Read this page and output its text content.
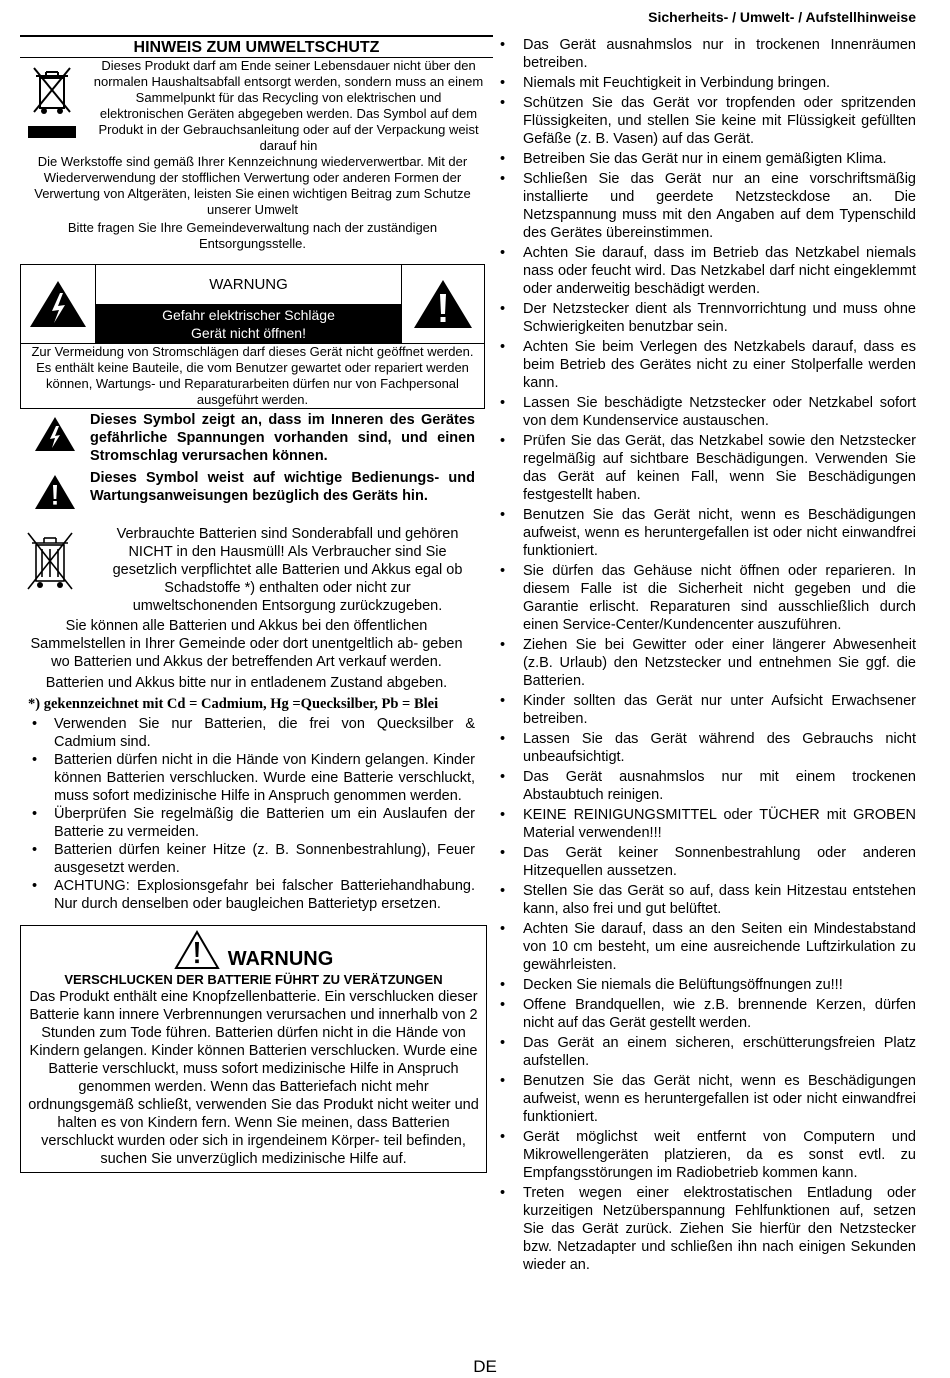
Sicherheits- / Umwelt- / Aufstellhinweise
HINWEIS ZUM UMWELTSCHUTZ
Dieses Produkt darf am Ende seiner Lebensdauer nicht über den normalen Haushaltsabfall entsorgt werden, sondern muss an einem Sammelpunkt für das Recycling von elektrischen und elektronischen Geräten abgegeben werden. Das Symbol auf dem Produkt in der Gebrauchsanleitung oder auf der Verpackung weist darauf hin

Die Werkstoffe sind gemäß Ihrer Kennzeichnung wiederverwertbar. Mit der Wiederverwendung der stofflichen Verwertung oder anderen Formen der Verwertung von Altgeräten, leisten Sie einen wichtigen Beitrag zum Schutze unserer Umwelt

Bitte fragen Sie Ihre Gemeindeverwaltung nach der zuständigen Entsorgungsstelle.

WARNUNG
Gefahr elektrischer Schläge
Gerät nicht öffnen!
Zur Vermeidung von Stromschlägen darf dieses Gerät nicht geöffnet werden. Es enthält keine Bauteile, die vom Benutzer gewartet oder repariert werden können, Wartungs- und Reparaturarbeiten dürfen nur von Fachpersonal ausgeführt werden.
Dieses Symbol zeigt an, dass im Inneren des Gerätes gefährliche Spannungen vorhanden sind, und einen Stromschlag verursachen können.
Dieses Symbol weist auf wichtige Bedienungs- und Wartungsanweisungen bezüglich des Geräts hin.
Verbrauchte Batterien sind Sonderabfall und gehören NICHT in den Hausmüll! Als Verbraucher sind Sie gesetzlich verpflichtet alle Batterien und Akkus egal ob Schadstoffe *) enthalten oder nicht zur umweltschonenden Entsorgung zurückzugeben.

Sie können alle Batterien und Akkus bei den öffentlichen Sammelstellen in Ihrer Gemeinde oder dort unentgeltlich ab- geben wo Batterien und Akkus der betreffenden Art verkauf werden.

Batterien und Akkus bitte nur in entladenem Zustand abgeben.

*) gekennzeichnet mit Cd = Cadmium, Hg =Quecksilber, Pb = Blei
• Verwenden Sie nur Batterien, die frei von Quecksilber & Cadmium sind.
• Batterien dürfen nicht in die Hände von Kindern gelangen. Kinder können Batterien verschlucken. Wurde eine Batterie verschluckt, muss sofort medizinische Hilfe in Anspruch genommen werden.
• Überprüfen Sie regelmäßig die Batterien um ein Auslaufen der Batterie zu vermeiden.
• Batterien dürfen keiner Hitze (z. B. Sonnenbestrahlung), Feuer ausgesetzt werden.
• ACHTUNG: Explosionsgefahr bei falscher Batteriehandhabung. Nur durch denselben oder baugleichen Batterietyp ersetzen.
WARNUNG
VERSCHLUCKEN DER BATTERIE FÜHRT ZU VERÄTZUNGEN

Das Produkt enthält eine Knopfzellenbatterie. Ein verschlucken dieser Batterie kann innere Verbrennungen verursachen und innerhalb von 2 Stunden zum Tode führen. Batterien dürfen nicht in die Hände von Kindern gelangen. Kinder können Batterien verschlucken. Wurde eine Batterie verschluckt, muss sofort medizinische Hilfe in Anspruch genommen werden. Wenn das Batteriefach nicht mehr ordnungsgemäß schließt, verwenden Sie das Produkt nicht weiter und halten es von Kindern fern. Wenn Sie meinen, dass Batterien verschluckt wurden oder sich in irgendeinem Körper- teil befinden, suchen Sie unverzüglich medizinische Hilfe auf.

• Das Gerät ausnahmslos nur in trockenen Innenräumen betreiben.
• Niemals mit Feuchtigkeit in Verbindung bringen.
• Schützen Sie das Gerät vor tropfenden oder spritzenden Flüssigkeiten, und stellen Sie keine mit Flüssigkeit gefüllten Gefäße (z. B. Vasen) auf das Gerät.
• Betreiben Sie das Gerät nur in einem gemäßigten Klima.
• Schließen Sie das Gerät nur an eine vorschriftsmäßig installierte und geerdete Netzsteckdose an. Die Netzspannung muss mit den Angaben auf dem Typenschild des Gerätes übereinstimmen.
• Achten Sie darauf, dass im Betrieb das Netzkabel niemals nass oder feucht wird. Das Netzkabel darf nicht eingeklemmt oder anderweitig beschädigt werden.
• Der Netzstecker dient als Trennvorrichtung und muss ohne Schwierigkeiten benutzbar sein.
• Achten Sie beim Verlegen des Netzkabels darauf, dass es beim Betrieb des Gerätes nicht zu einer Stolperfalle werden kann.
• Lassen Sie beschädigte Netzstecker oder Netzkabel sofort von dem Kundenservice austauschen.
• Prüfen Sie das Gerät, das Netzkabel sowie den Netzstecker regelmäßig auf sichtbare Beschädigungen. Verwenden Sie das Gerät auf keinen Fall, wenn Sie Beschädigungen festgestellt haben.
• Benutzen Sie das Gerät nicht, wenn es Beschädigungen aufweist, wenn es heruntergefallen ist oder nicht einwandfrei funktioniert.
• Sie dürfen das Gehäuse nicht öffnen oder reparieren. In diesem Falle ist die Sicherheit nicht gegeben und die Garantie erlischt. Reparaturen sind ausschließlich durch einen Service-Center/Kundencenter auszuführen.
• Ziehen Sie bei Gewitter oder einer längerer Abwesenheit (z.B. Urlaub) den Netzstecker und entnehmen Sie ggf. die Batterien.
• Kinder sollten das Gerät nur unter Aufsicht Erwachsener betreiben.
• Lassen Sie das Gerät während des Gebrauchs nicht unbeaufsichtigt.
• Das Gerät ausnahmslos nur mit einem trockenen Abstaubtuch reinigen.
• KEINE REINIGUNGSMITTEL oder TÜCHER mit GROBEN Material verwenden!!!
• Das Gerät keiner Sonnenbestrahlung oder anderen Hitzequellen aussetzen.
• Stellen Sie das Gerät so auf, dass kein Hitzestau entstehen kann, also frei und gut belüftet.
• Achten Sie darauf, dass an den Seiten ein Mindestabstand von 10 cm besteht, um eine ausreichende Luftzirkulation zu gewährleisten.
• Decken Sie niemals die Belüftungsöffnungen zu!!!
• Offene Brandquellen, wie z.B. brennende Kerzen, dürfen nicht auf das Gerät gestellt werden.
• Das Gerät an einem sicheren, erschütterungsfreien Platz aufstellen.
• Benutzen Sie das Gerät nicht, wenn es Beschädigungen aufweist, wenn es heruntergefallen ist oder nicht einwandfrei funktioniert.
• Gerät möglichst weit entfernt von Computern und Mikrowellengeräten platzieren, da es sonst evtl. zu Empfangsstörungen im Radiobetrieb kommen kann.
• Treten wegen einer elektrostatischen Entladung oder kurzeitigen Netzüberspannung Fehlfunktionen auf, setzen Sie das Gerät zurück. Ziehen Sie hierfür den Netzstecker bzw. Netzadapter und schließen ihn nach einigen Sekunden wieder an.
DE
